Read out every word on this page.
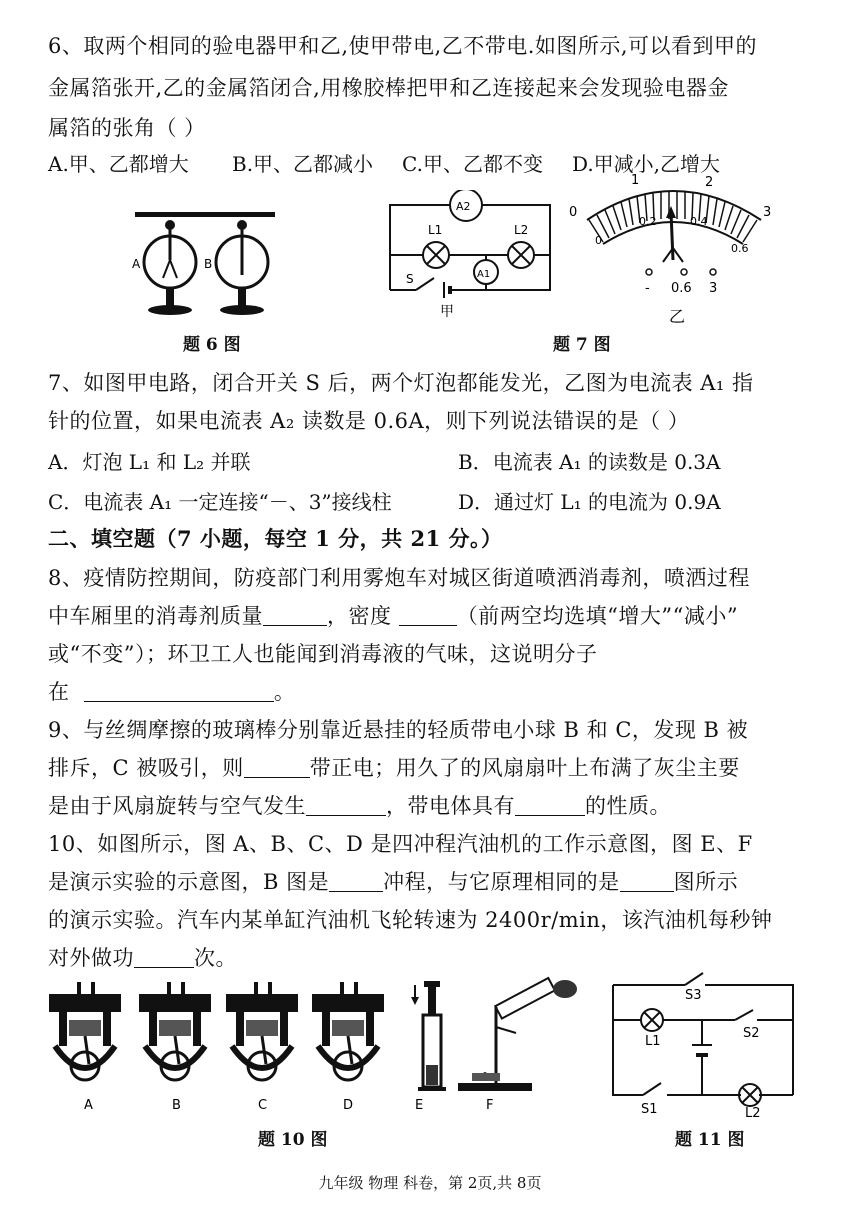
6、取两个相同的验电器甲和乙,使甲带电,乙不带电.如图所示,可以看到甲的
金属箔张开,乙的金属箔闭合,用橡胶棒把甲和乙连接起来会发现验电器金
属箔的张角（ ）
A.甲、乙都增大 B.甲、乙都减小 C.甲、乙都不变 D.甲减小,乙增大
A	B
题 6 图
A2
A1
L1	L2
S
甲
0
1	2
3
0
0.2	0.4
0.6
- 0.6 3
乙
题 7 图
7、如图甲电路，闭合开关 S 后，两个灯泡都能发光，乙图为电流表 A₁ 指
针的位置，如果电流表 A₂ 读数是 0.6A，则下列说法错误的是（ ）
A．灯泡 L₁ 和 L₂ 并联	B．电流表 A₁ 的读数是 0.3A
C．电流表 A₁ 一定连接“－、3”接线柱	D．通过灯 L₁ 的电流为 0.9A
二、填空题（7 小题，每空 1 分，共 21 分。）
8、疫情防控期间，防疫部门利用雾炮车对城区街道喷洒消毒剂，喷洒过程
中车厢里的消毒剂质量	，密度	（前两空均选填“增大”“减小”
或“不变”）；环卫工人也能闻到消毒液的气味，这说明分子
在	。
9、与丝绸摩擦的玻璃棒分别靠近悬挂的轻质带电小球 B 和 C，发现 B 被
排斥，C 被吸引，则	带正电；用久了的风扇扇叶上布满了灰尘主要
是由于风扇旋转与空气发生	，带电体具有	的性质。
10、如图所示，图 A、B、C、D 是四冲程汽油机的工作示意图，图 E、F
是演示实验的示意图，B 图是	冲程，与它原理相同的是	图所示
的演示实验。汽车内某单缸汽油机飞轮转速为 2400r/min，该汽油机每秒钟
对外做功	次。
A	B	C	D	E	F
题 10 图
S3
S2
S1
L1
L2
题 11 图
九年级 物理 科卷，第 2页,共 8页
